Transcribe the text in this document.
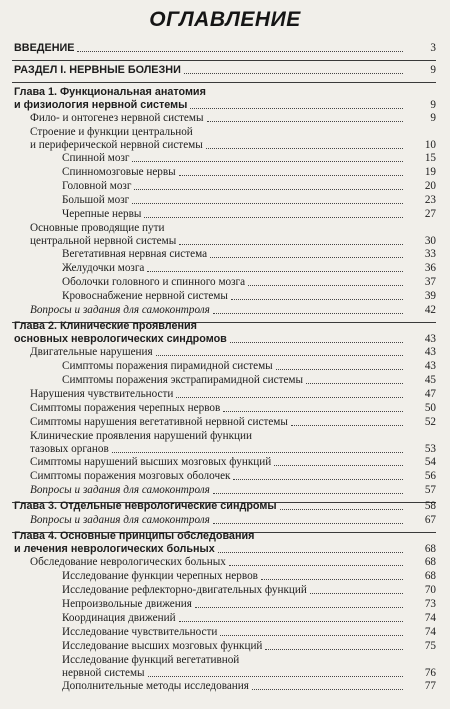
ОГЛАВЛЕНИЕ
ВВЕДЕНИЕ	3
РАЗДЕЛ I. НЕРВНЫЕ БОЛЕЗНИ	9
Глава 1. Функциональная анатомия
и физиология нервной системы	9
Фило- и онтогенез нервной системы	9
Строение и функции центральной
и периферической нервной системы	10
Спинной мозг	15
Спинномозговые нервы	19
Головной мозг	20
Большой мозг	23
Черепные нервы	27
Основные проводящие пути
центральной нервной системы	30
Вегетативная нервная система	33
Желудочки мозга	36
Оболочки головного и спинного мозга	37
Кровоснабжение нервной системы	39
Вопросы и задания для самоконтроля	42
Глава 2. Клинические проявления
основных неврологических синдромов	43
Двигательные нарушения	43
Симптомы поражения пирамидной системы	43
Симптомы поражения экстрапирамидной системы	45
Нарушения чувствительности	47
Симптомы поражения черепных нервов	50
Симптомы нарушения вегетативной нервной системы	52
Клинические проявления нарушений функции
тазовых органов	53
Симптомы нарушений высших мозговых функций	54
Симптомы поражения мозговых оболочек	56
Вопросы и задания для самоконтроля	57
Глава 3. Отдельные неврологические синдромы	58
Вопросы и задания для самоконтроля	67
Глава 4. Основные принципы обследования
и лечения неврологических больных	68
Обследование неврологических больных	68
Исследование функции черепных нервов	68
Исследование рефлекторно-двигательных функций	70
Непроизвольные движения	73
Координация движений	74
Исследование чувствительности	74
Исследование высших мозговых функций	75
Исследование функций вегетативной
нервной системы	76
Дополнительные методы исследования	77
